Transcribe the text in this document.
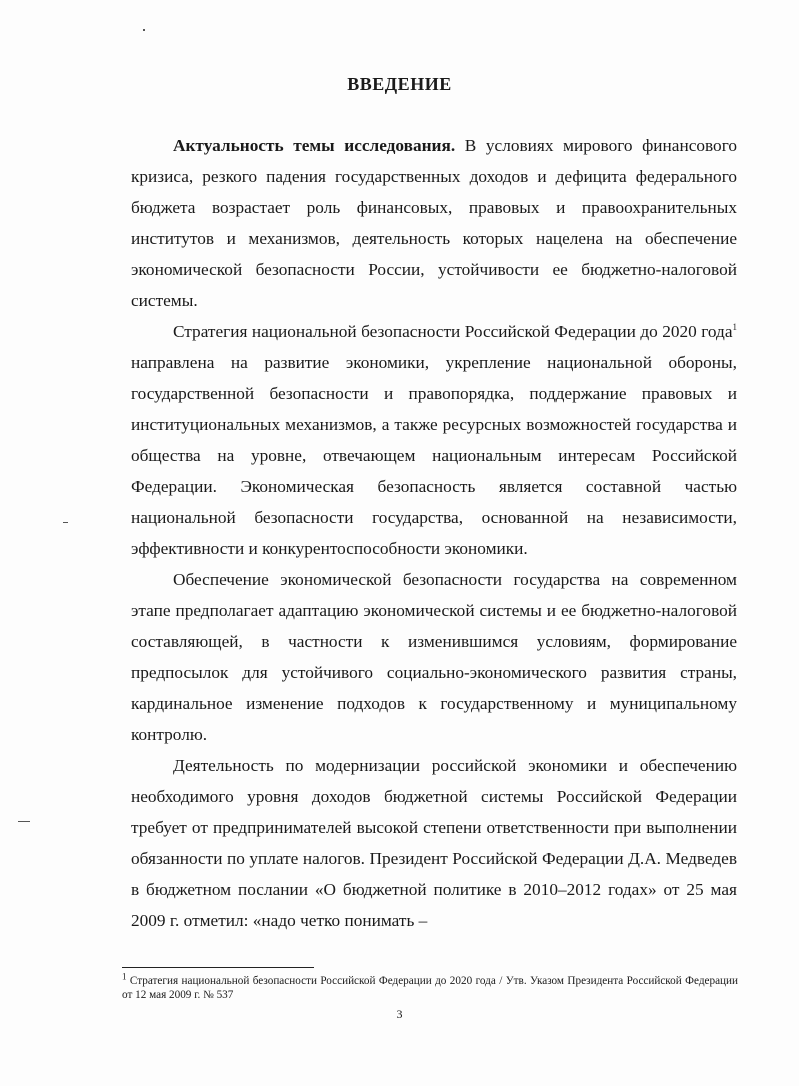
ВВЕДЕНИЕ

Актуальность темы исследования. В условиях мирового финансового кризиса, резкого падения государственных доходов и дефицита федерального бюджета возрастает роль финансовых, правовых и правоохранительных институтов и механизмов, деятельность которых нацелена на обеспечение экономической безопасности России, устойчивости ее бюджетно-налоговой системы.

Стратегия национальной безопасности Российской Федерации до 2020 года$^1$ направлена на развитие экономики, укрепление национальной обороны, государственной безопасности и правопорядка, поддержание правовых и институциональных механизмов, а также ресурсных возможностей государства и общества на уровне, отвечающем национальным интересам Российской Федерации. Экономическая безопасность является составной частью национальной безопасности государства, основанной на независимости, эффективности и конкурентоспособности экономики.

Обеспечение экономической безопасности государства на современном этапе предполагает адаптацию экономической системы и ее бюджетно-налоговой составляющей, в частности к изменившимся условиям, формирование предпосылок для устойчивого социально-экономического развития страны, кардинальное изменение подходов к государственному и муниципальному контролю.

Деятельность по модернизации российской экономики и обеспечению необходимого уровня доходов бюджетной системы Российской Федерации требует от предпринимателей высокой степени ответственности при выполнении обязанности по уплате налогов. Президент Российской Федерации Д.А. Медведев в бюджетном послании «О бюджетной политике в 2010–2012 годах» от 25 мая 2009 г. отметил: «надо четко понимать –

$^1$ Стратегия национальной безопасности Российской Федерации до 2020 года / Утв. Указом Президента Российской Федерации от 12 мая 2009 г. № 537
3
